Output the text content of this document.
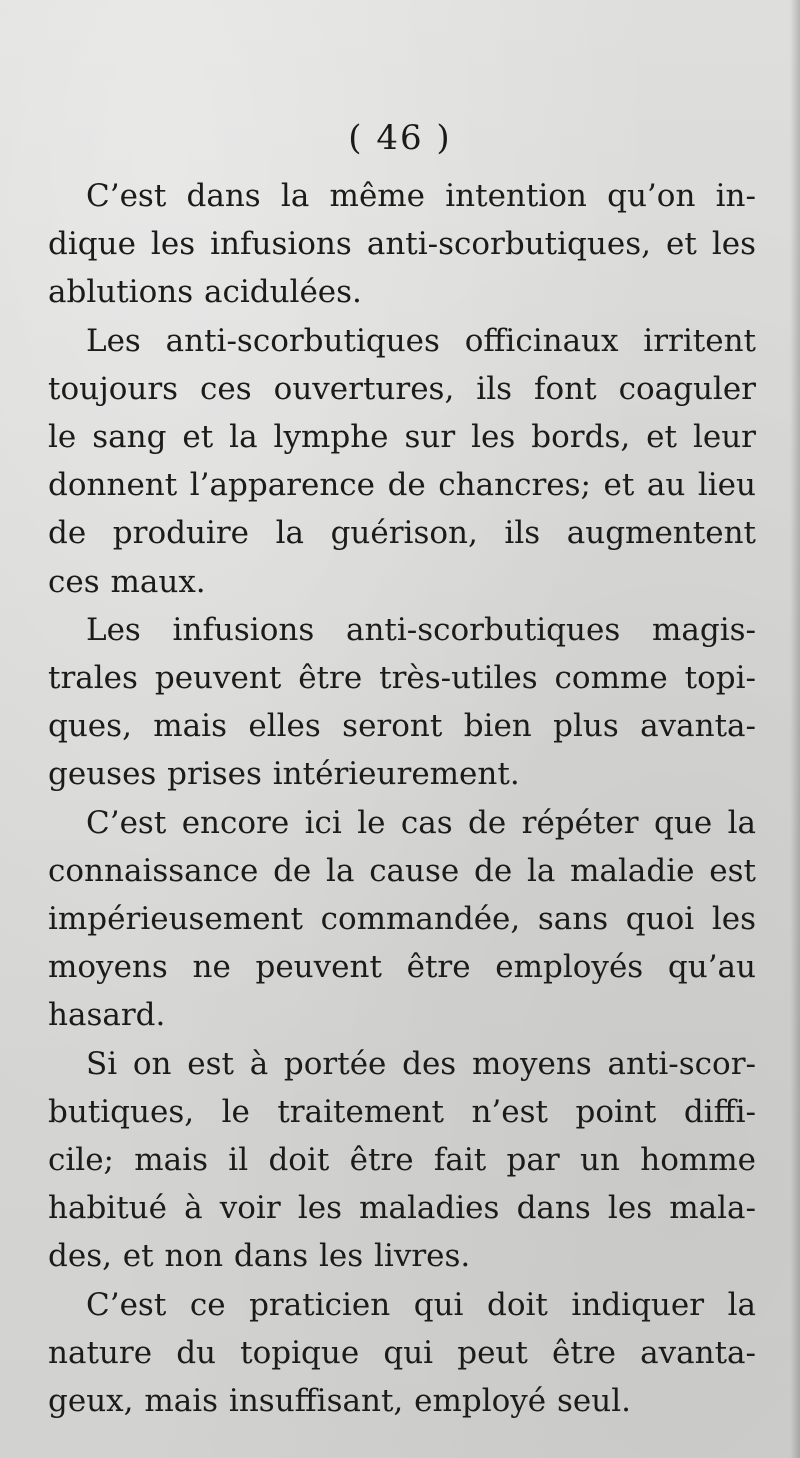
( 46 )
C’est dans la même intention qu’on in-
dique les infusions anti-scorbutiques, et les
ablutions acidulées.
Les anti-scorbutiques officinaux irritent
toujours ces ouvertures, ils font coaguler
le sang et la lymphe sur les bords, et leur
donnent l’apparence de chancres; et au lieu
de produire la guérison, ils augmentent
ces maux.
Les infusions anti-scorbutiques magis-
trales peuvent être très-utiles comme topi-
ques, mais elles seront bien plus avanta-
geuses prises intérieurement.
C’est encore ici le cas de répéter que la
connaissance de la cause de la maladie est
impérieusement commandée, sans quoi les
moyens ne peuvent être employés qu’au
hasard.
Si on est à portée des moyens anti-scor-
butiques, le traitement n’est point diffi-
cile; mais il doit être fait par un homme
habitué à voir les maladies dans les mala-
des, et non dans les livres.
C’est ce praticien qui doit indiquer la
nature du topique qui peut être avanta-
geux, mais insuffisant, employé seul.
